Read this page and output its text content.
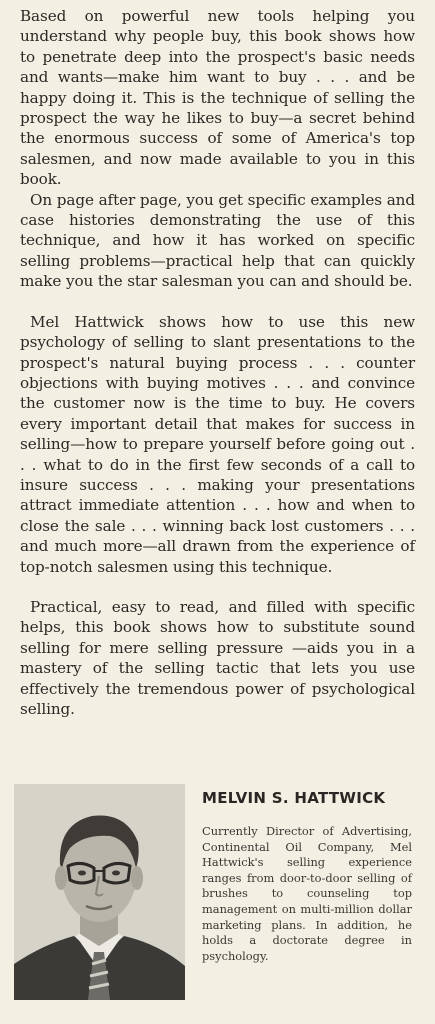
Based on powerful new tools helping you understand why people buy, this book shows how to penetrate deep into the prospect's basic needs and wants—make him want to buy . . . and be happy doing it. This is the technique of selling the prospect the way he likes to buy—a secret behind the enormous success of some of America's top salesmen, and now made available to you in this book.

On page after page, you get specific examples and case histories demonstrating the use of this technique, and how it has worked on specific selling problems—practical help that can quickly make you the star salesman you can and should be.

Mel Hattwick shows how to use this new psychology of selling to slant presentations to the prospect's natural buying process . . . counter objections with buying motives . . . and convince the customer now is the time to buy. He covers every important detail that makes for success in selling—how to prepare yourself before going out . . . what to do in the first few seconds of a call to insure success . . . making your presentations attract immediate attention . . . how and when to close the sale . . . winning back lost customers . . . and much more—all drawn from the experience of top-notch salesmen using this technique.

Practical, easy to read, and filled with specific helps, this book shows how to substitute sound selling for mere selling pressure —aids you in a mastery of the selling tactic that lets you use effectively the tremendous power of psychological selling.

MELVIN S. HATTWICK
Currently Director of Advertising, Continental Oil Company, Mel Hattwick's selling experience ranges from door-to-door selling of brushes to counseling top management on multi-million dollar marketing plans. In addition, he holds a doctorate degree in psychology.
